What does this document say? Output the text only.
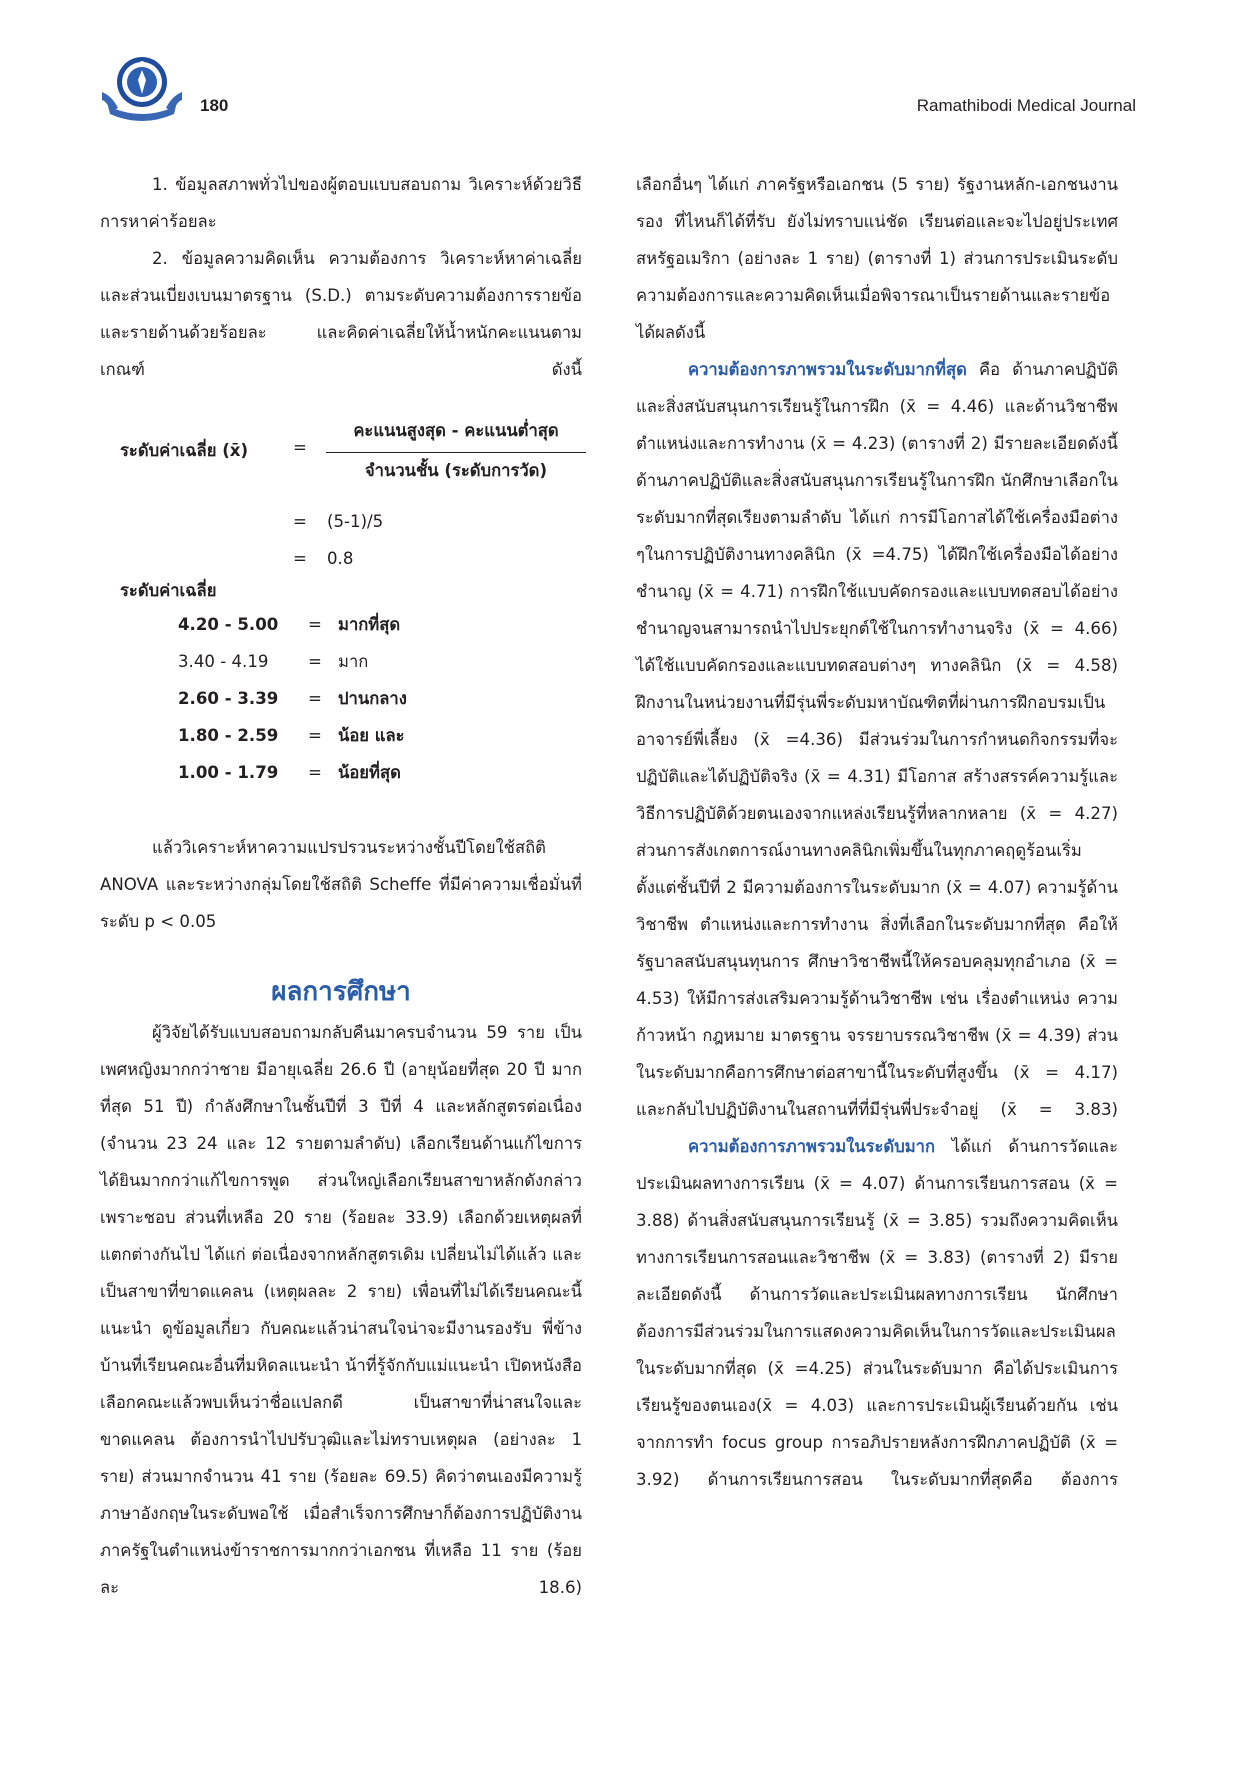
180	Ramathibodi Medical Journal
1. ข้อมูลสภาพทั่วไปของผู้ตอบแบบสอบถาม วิเคราะห์ด้วยวิธีการหาค่าร้อยละ
2. ข้อมูลความคิดเห็น ความต้องการ วิเคราะห์หาค่าเฉลี่ยและส่วนเบี่ยงเบนมาตรฐาน (S.D.) ตามระดับความต้องการรายข้อและรายด้านด้วยร้อยละ และคิดค่าเฉลี่ยให้น้ำหนักคะแนนตามเกณฑ์ ดังนี้
ระดับค่าเฉลี่ย (x̄)	=
คะแนนสูงสุด - คะแนนต่ำสุด
จำนวนชั้น (ระดับการวัด)
= (5-1)/5
= 0.8
ระดับค่าเฉลี่ย
4.20 - 5.00	=	มากที่สุด
3.40 - 4.19	=	มาก
2.60 - 3.39	=	ปานกลาง
1.80 - 2.59	=	น้อย และ
1.00 - 1.79	=	น้อยที่สุด
แล้ววิเคราะห์หาความแปรปรวนระหว่างชั้นปีโดยใช้สถิติ ANOVA และระหว่างกลุ่มโดยใช้สถิติ Scheffe ที่มีค่าความเชื่อมั่นที่ระดับ p < 0.05
ผลการศึกษา
ผู้วิจัยได้รับแบบสอบถามกลับคืนมาครบจำนวน 59 ราย เป็นเพศหญิงมากกว่าชาย มีอายุเฉลี่ย 26.6 ปี (อายุน้อยที่สุด 20 ปี มากที่สุด 51 ปี) กำลังศึกษาในชั้นปีที่ 3 ปีที่ 4 และหลักสูตรต่อเนื่อง (จำนวน 23 24 และ 12 รายตามลำดับ) เลือกเรียนด้านแก้ไขการได้ยินมากกว่าแก้ไขการพูด ส่วนใหญ่เลือกเรียนสาขาหลักดังกล่าวเพราะชอบ ส่วนที่เหลือ 20 ราย (ร้อยละ 33.9) เลือกด้วยเหตุผลที่แตกต่างกันไป ได้แก่ ต่อเนื่องจากหลักสูตรเดิม เปลี่ยนไม่ได้แล้ว และเป็นสาขาที่ขาดแคลน (เหตุผลละ 2 ราย) เพื่อนที่ไม่ได้เรียนคณะนี้แนะนำ ดูข้อมูลเกี่ยว กับคณะแล้วน่าสนใจน่าจะมีงานรองรับ พี่ข้างบ้านที่เรียนคณะอื่นที่มหิดลแนะนำ น้าที่รู้จักกับแม่แนะนำ เปิดหนังสือเลือกคณะแล้วพบเห็นว่าชื่อแปลกดี เป็นสาขาที่น่าสนใจและขาดแคลน ต้องการนำไปปรับวุฒิและไม่ทราบเหตุผล (อย่างละ 1 ราย) ส่วนมากจำนวน 41 ราย (ร้อยละ 69.5) คิดว่าตนเองมีความรู้ภาษาอังกฤษในระดับพอใช้ เมื่อสำเร็จการศึกษาก็ต้องการปฏิบัติงานภาครัฐในตำแหน่งข้าราชการมากกว่าเอกชน ที่เหลือ 11 ราย (ร้อยละ 18.6)
เลือกอื่นๆ ได้แก่ ภาครัฐหรือเอกชน (5 ราย) รัฐงานหลัก-เอกชนงานรอง ที่ไหนก็ได้ที่รับ ยังไม่ทราบแน่ชัด เรียนต่อและจะไปอยู่ประเทศสหรัฐอเมริกา (อย่างละ 1 ราย) (ตารางที่ 1) ส่วนการประเมินระดับความต้องการและความคิดเห็นเมื่อพิจารณาเป็นรายด้านและรายข้อได้ผลดังนี้
ความต้องการภาพรวมในระดับมากที่สุด คือ ด้านภาคปฏิบัติและสิ่งสนับสนุนการเรียนรู้ในการฝึก (x̄ = 4.46) และด้านวิชาชีพ ตำแหน่งและการทำงาน (x̄ = 4.23) (ตารางที่ 2) มีรายละเอียดดังนี้ ด้านภาคปฏิบัติและสิ่งสนับสนุนการเรียนรู้ในการฝึก นักศึกษาเลือกในระดับมากที่สุดเรียงตามลำดับ ได้แก่ การมีโอกาสได้ใช้เครื่องมือต่าง ๆในการปฏิบัติงานทางคลินิก (x̄ =4.75) ได้ฝึกใช้เครื่องมือได้อย่างชำนาญ (x̄ = 4.71) การฝึกใช้แบบคัดกรองและแบบทดสอบได้อย่างชำนาญจนสามารถนำไปประยุกต์ใช้ในการทำงานจริง (x̄ = 4.66) ได้ใช้แบบคัดกรองและแบบทดสอบต่างๆ ทางคลินิก (x̄ = 4.58) ฝึกงานในหน่วยงานที่มีรุ่นพี่ระดับมหาบัณฑิตที่ผ่านการฝึกอบรมเป็นอาจารย์พี่เลี้ยง (x̄ =4.36) มีส่วนร่วมในการกำหนดกิจกรรมที่จะปฏิบัติและได้ปฏิบัติจริง (x̄ = 4.31) มีโอกาส สร้างสรรค์ความรู้และวิธีการปฏิบัติด้วยตนเองจากแหล่งเรียนรู้ที่หลากหลาย (x̄ = 4.27) ส่วนการสังเกตการณ์งานทางคลินิกเพิ่มขึ้นในทุกภาคฤดูร้อนเริ่มตั้งแต่ชั้นปีที่ 2 มีความต้องการในระดับมาก (x̄ = 4.07) ความรู้ด้านวิชาชีพ ตำแหน่งและการทำงาน สิ่งที่เลือกในระดับมากที่สุด คือให้รัฐบาลสนับสนุนทุนการ ศึกษาวิชาชีพนี้ให้ครอบคลุมทุกอำเภอ (x̄ = 4.53) ให้มีการส่งเสริมความรู้ด้านวิชาชีพ เช่น เรื่องตำแหน่ง ความ ก้าวหน้า กฎหมาย มาตรฐาน จรรยาบรรณวิชาชีพ (x̄ = 4.39) ส่วนในระดับมากคือการศึกษาต่อสาขานี้ในระดับที่สูงขึ้น (x̄ = 4.17) และกลับไปปฏิบัติงานในสถานที่ที่มีรุ่นพี่ประจำอยู่ (x̄ = 3.83)
ความต้องการภาพรวมในระดับมาก ได้แก่ ด้านการวัดและประเมินผลทางการเรียน (x̄ = 4.07) ด้านการเรียนการสอน (x̄ = 3.88) ด้านสิ่งสนับสนุนการเรียนรู้ (x̄ = 3.85) รวมถึงความคิดเห็นทางการเรียนการสอนและวิชาชีพ (x̄ = 3.83) (ตารางที่ 2) มีรายละเอียดดังนี้ ด้านการวัดและประเมินผลทางการเรียน นักศึกษาต้องการมีส่วนร่วมในการแสดงความคิดเห็นในการวัดและประเมินผลในระดับมากที่สุด (x̄ =4.25) ส่วนในระดับมาก คือได้ประเมินการเรียนรู้ของตนเอง(x̄ = 4.03) และการประเมินผู้เรียนด้วยกัน เช่น จากการทำ focus group การอภิปรายหลังการฝึกภาคปฏิบัติ (x̄ = 3.92) ด้านการเรียนการสอน ในระดับมากที่สุดคือ ต้องการ
